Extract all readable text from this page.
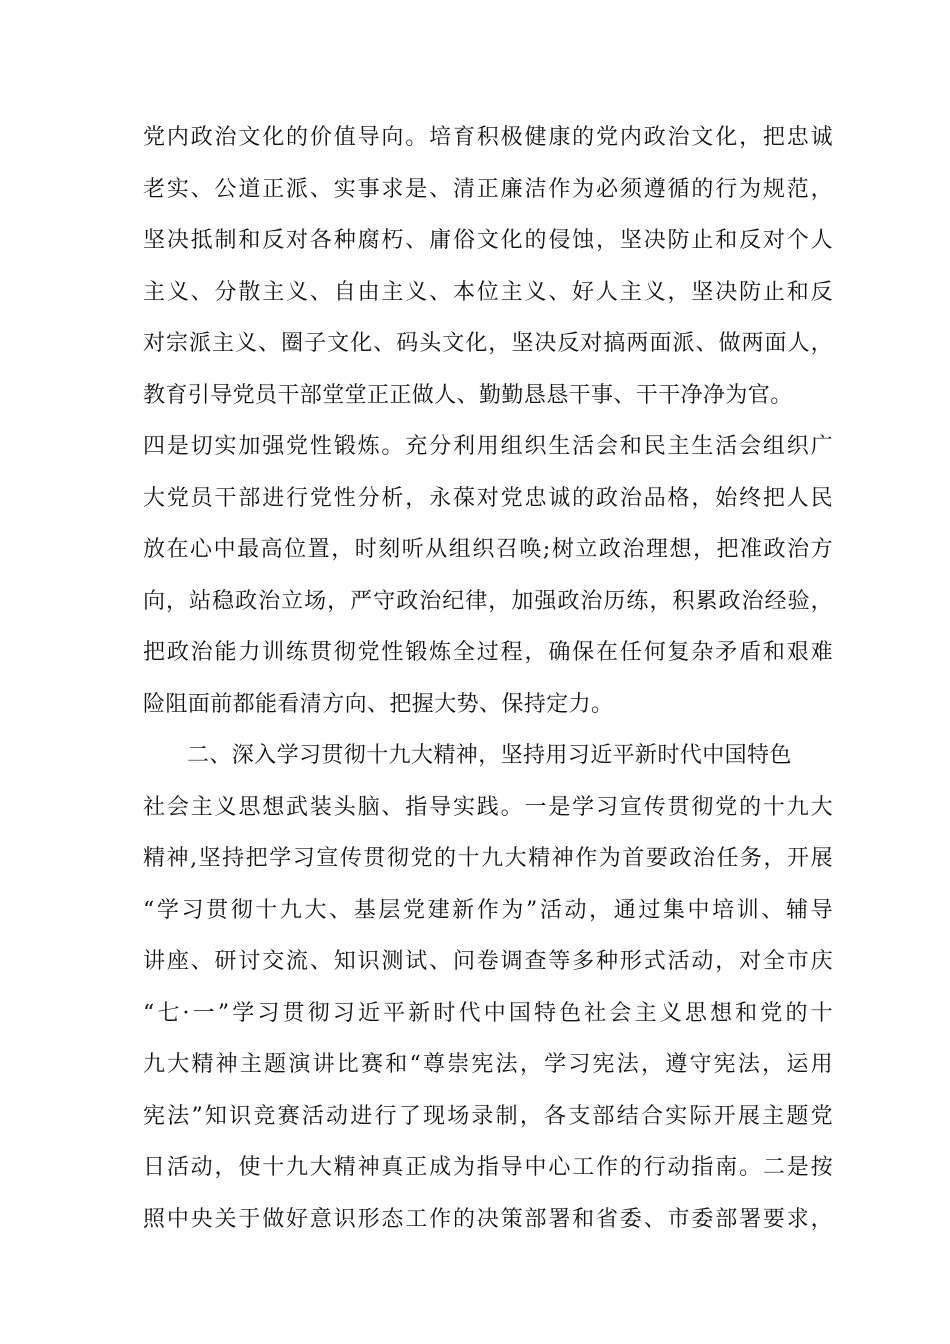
党内政治文化的价值导向。培育积极健康的党内政治文化，把忠诚
老实、公道正派、实事求是、清正廉洁作为必须遵循的行为规范，
坚决抵制和反对各种腐朽、庸俗文化的侵蚀，坚决防止和反对个人
主义、分散主义、自由主义、本位主义、好人主义，坚决防止和反
对宗派主义、圈子文化、码头文化，坚决反对搞两面派、做两面人，
教育引导党员干部堂堂正正做人、勤勤恳恳干事、干干净净为官。
四是切实加强党性锻炼。充分利用组织生活会和民主生活会组织广
大党员干部进行党性分析，永葆对党忠诚的政治品格，始终把人民
放在心中最高位置，时刻听从组织召唤;树立政治理想，把准政治方
向，站稳政治立场，严守政治纪律，加强政治历练，积累政治经验，
把政治能力训练贯彻党性锻炼全过程，确保在任何复杂矛盾和艰难
险阻面前都能看清方向、把握大势、保持定力。
二、深入学习贯彻十九大精神，坚持用习近平新时代中国特色
社会主义思想武装头脑、指导实践。一是学习宣传贯彻党的十九大
精神,坚持把学习宣传贯彻党的十九大精神作为首要政治任务，开展
“学习贯彻十九大、基层党建新作为”活动，通过集中培训、辅导
讲座、研讨交流、知识测试、问卷调查等多种形式活动，对全市庆
“七·一”学习贯彻习近平新时代中国特色社会主义思想和党的十
九大精神主题演讲比赛和“尊崇宪法，学习宪法，遵守宪法，运用
宪法”知识竞赛活动进行了现场录制，各支部结合实际开展主题党
日活动，使十九大精神真正成为指导中心工作的行动指南。二是按
照中央关于做好意识形态工作的决策部署和省委、市委部署要求，
